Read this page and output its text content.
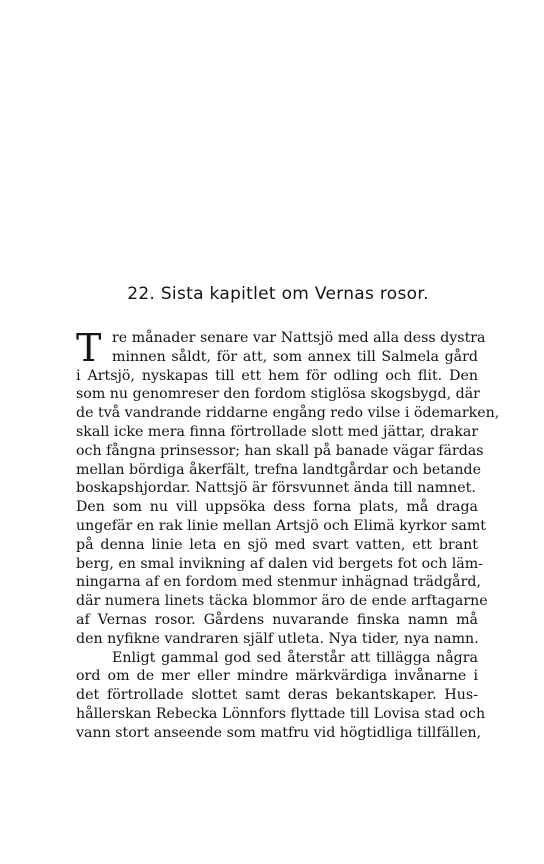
22. Sista kapitlet om Vernas rosor.
T re månader senare var Nattsjö med alla dess dystra
minnen såldt, för att, som annex till Salmela gård
i Artsjö, nyskapas till ett hem för odling och flit. Den
som nu genomreser den fordom stiglösa skogsbygd, där
de två vandrande riddarne engång redo vilse i ödemarken,
skall icke mera finna förtrollade slott med jättar, drakar
och fångna prinsessor; han skall på banade vägar färdas
mellan bördiga åkerfält, trefna landtgårdar och betande
boskapshjordar. Nattsjö är försvunnet ända till namnet.
Den som nu vill uppsöka dess forna plats, må draga
ungefär en rak linie mellan Artsjö och Elimä kyrkor samt
på denna linie leta en sjö med svart vatten, ett brant
berg, en smal invikning af dalen vid bergets fot och läm-
ningarna af en fordom med stenmur inhägnad trädgård,
där numera linets täcka blommor äro de ende arftagarne
af Vernas rosor. Gårdens nuvarande finska namn må
den nyfikne vandraren själf utleta. Nya tider, nya namn.
Enligt gammal god sed återstår att tillägga några
ord om de mer eller mindre märkvärdiga invånarne i
det förtrollade slottet samt deras bekantskaper. Hus-
hållerskan Rebecka Lönnfors flyttade till Lovisa stad och
vann stort anseende som matfru vid högtidliga tillfällen,
